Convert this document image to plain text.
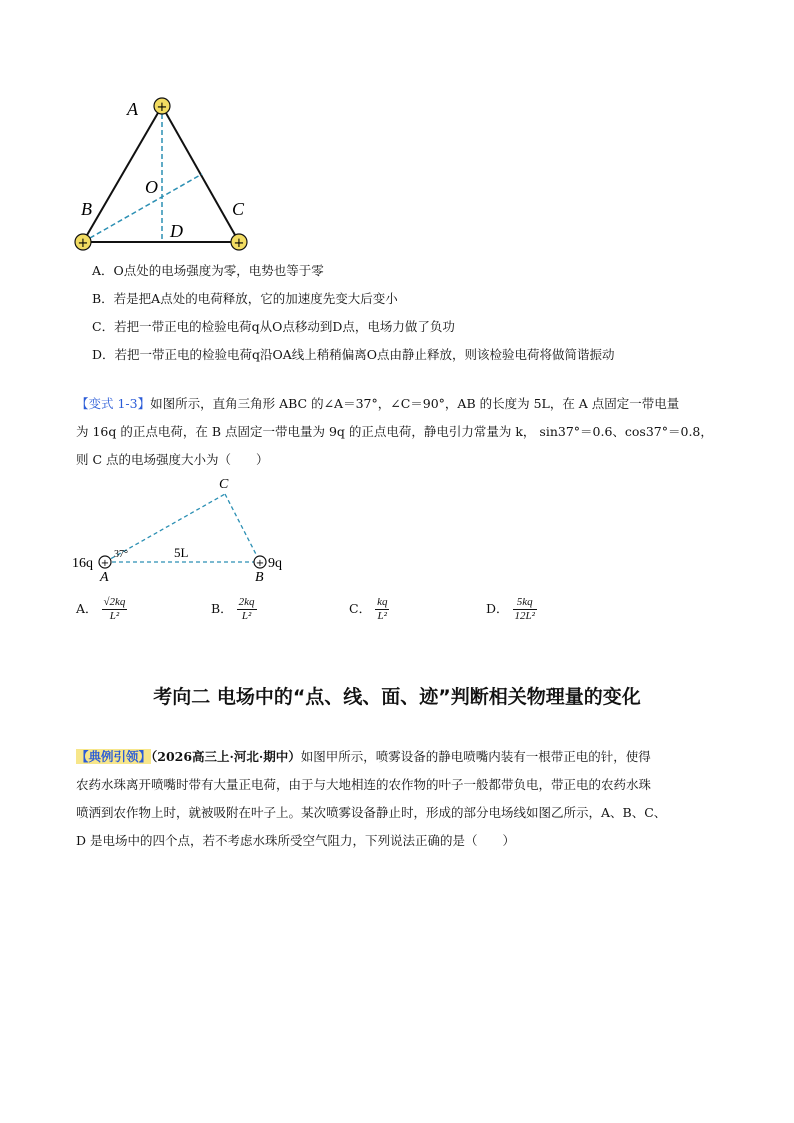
+
+	+
A
B	C
O
D
A．O点处的电场强度为零，电势也等于零
B．若是把A点处的电荷释放，它的加速度先变大后变小
C．若把一带正电的检验电荷q从O点移动到D点，电场力做了负功
D．若把一带正电的检验电荷q沿OA线上稍稍偏离O点由静止释放，则该检验电荷将做简谐振动
【变式 1-3】如图所示，直角三角形 ABC 的∠A＝37°，∠C＝90°，AB 的长度为 5L，在 A 点固定一带电量
为 16q 的正点电荷，在 B 点固定一带电量为 9q 的正点电荷，静电引力常量为 k， sin37°＝0.6、cos37°＝0.8，
则 C 点的电场强度大小为（　　）
+	+
C
A	B
16q	9q
37°	5L
A． $\frac{√2kq}{\text{L²}}$	B． $\frac{2kq}{\text{L²}}$	C． $\frac{kq}{\text{L²}}$	D． $\frac{5kq}{\text{12L²}}$
考向二 电场中的“点、线、面、迹”判断相关物理量的变化
【典例引领】（2026高三上·河北·期中）如图甲所示，喷雾设备的静电喷嘴内装有一根带正电的针，使得
农药水珠离开喷嘴时带有大量正电荷，由于与大地相连的农作物的叶子一般都带负电，带正电的农药水珠
喷洒到农作物上时，就被吸附在叶子上。某次喷雾设备静止时，形成的部分电场线如图乙所示，A、B、C、
D 是电场中的四个点，若不考虑水珠所受空气阻力，下列说法正确的是（　　）
